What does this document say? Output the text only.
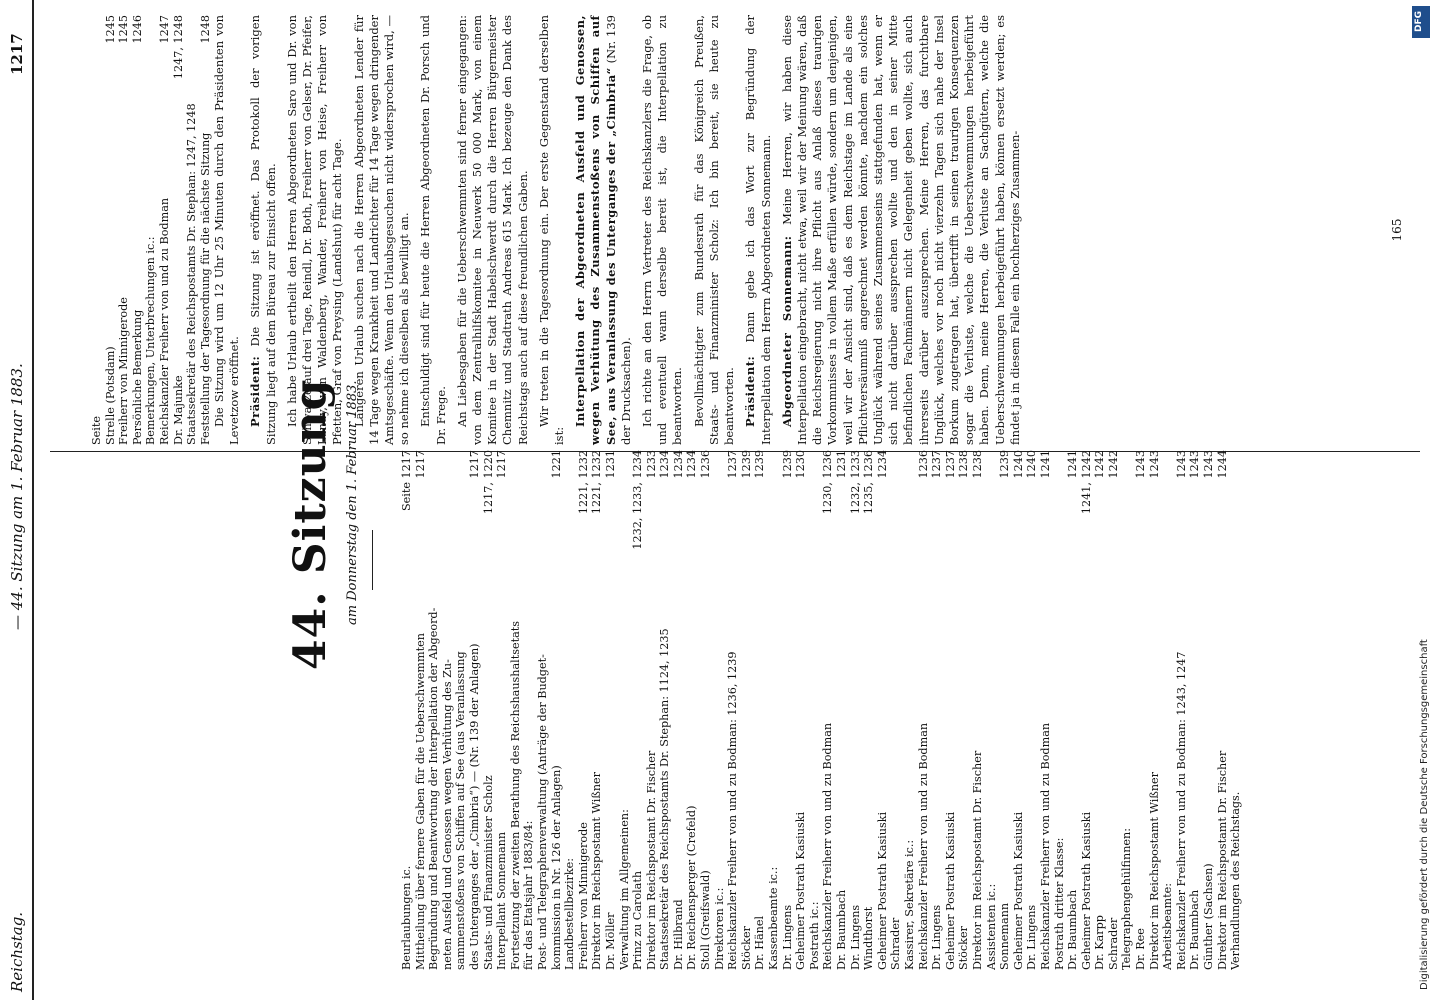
Reichstag.
— 44. Sitzung am 1. Februar 1883.
1217
44. Sitzung am Donnerstag den 1. Februar 1883.
Beurlaubungen ic.
Seite 1217
Mittheilung über fernere Gaben für die Ueberschwemmten
1217
Begründung und Beantwortung der Interpellation der Abgeord- neten Ausfeld und Genossen wegen Verhütung des Zu- sammenstoßens von Schiffen auf See (aus Veranlassung des Unterganges der „Cimbria“) — (Nr. 139 der Anlagen)
1217
Staats- und Finanzminister Scholz
1217, 1220
Interpellant Sonnemann
1217
Fortsetzung der zweiten Berathung des Reichshaushaltsetats für das Etatsjahr 1883/84: Post- und Telegraphenverwaltung (Anträge der Budget- kommission in Nr. 126 der Anlagen)
1221
Landbestellbezirke: Freiherr von Minnigerode
1221, 1232
Direktor im Reichspostamt Wißner
1221, 1232
Dr. Möller
1231
Verwaltung im Allgemeinen: Prinz zu Carolath
1232, 1233, 1234
Direktor im Reichspostamt Dr. Fischer
1233
Staatssekretär des Reichspostamts Dr. Stephan: 1124, 1235
1234
Dr. Hilbrand
1234
Dr. Reichensperger (Crefeld)
1234
Stoll (Greifswald)
1236
Direktoren ic.: Reichskanzler Freiherr von und zu Bodman: 1236, 1239
1237
Stöcker
1239
Dr. Hänel
1239
Kassenbeamte ic.: Dr. Lingens
1239
Geheimer Postrath Kasiuski
1230
Postrath ic.: Reichskanzler Freiherr von und zu Bodman
1230, 1236
Dr. Baumbach
1231
Dr. Lingens
1232, 1233
Windthorst
1235, 1236
Geheimer Postrath Kasiuski
1234
Schrader Kassirer, Sekretäre ic.: Reichskanzler Freiherr von und zu Bodman
1236
Dr. Lingens
1237
Geheimer Postrath Kasiuski
1237
Stöcker
1238
Direktor im Reichspostamt Dr. Fischer
1238
Assistenten ic.: Sonnemann
1239
Geheimer Postrath Kasiuski
1240
Dr. Lingens
1240
Reichskanzler Freiherr von und zu Bodman
1241
Postrath dritter Klasse: Dr. Baumbach
1241
Geheimer Postrath Kasiuski
1241, 1242
Dr. Karpp
1242
Schrader
1242
Telegraphengehülfinnen: Dr. Ree
1243
Direktor im Reichspostamt Wißner
1243
Arbeitsbeamte: Reichskanzler Freiherr von und zu Bodman: 1243, 1247
1243
Dr. Baumbach
1243
Günther (Sachsen)
1243
Direktor im Reichspostamt Dr. Fischer
1244
Verhandlungen des Reichstags.
Seite Strelle (Potsdam)
1245
Freiherr von Minnigerode
1245
Persönliche Bemerkung
1246
Bemerkungen, Unterbrechungen ic.: Reichskanzler Freiherr von und zu Bodman
1247
Dr. Majunke
1247, 1248
Staatssekretär des Reichspostamts Dr. Stephan: 1247, 1248 Feststellung der Tagesordnung für die nächste Sitzung
1248 Die Sitzung wird um 12 Uhr 25 Minuten durch den Präsidenten von Levetzow eröffnet. Präsident: Die Sitzung ist eröffnet. Das Protokoll der vorigen Sitzung liegt auf dem Büreau zur Einsicht offen. Ich habe Urlaub ertheilt den Herren Abgeordneten Saro und Dr. von Schwarze auf drei Tage, Reindl, Dr. Both, Freiherr von Gelser, Dr. Pfeifer, Landy, von Waldenberg, Wander, Freiherr von Heise, Freiherr von Pfetten, Graf von Preysing (Landshut) für acht Tage. Längeren Urlaub suchen nach die Herren Abgeordneten Lender für 14 Tage wegen Krankheit und Landrichter für 14 Tage wegen dringender Amtsgeschäfte. Wenn den Urlaubsgesuchen nicht widersprochen wird, — so nehme ich dieselben als bewilligt an. Entschuldigt sind für heute die Herren Abgeordneten Dr. Porsch und Dr. Frege. An Liebesgaben für die Ueberschwemmten sind ferner eingegangen: von dem Zentralhilfskomitee in Neuwerk 50 000 Mark, von einem Komitee in der Stadt Habelschwerdt durch die Herren Bürgermeister Chemnitz und Stadtrath Andreas 615 Mark. Ich bezeuge den Dank des Reichstags auch auf diese freundlichen Gaben. Wir treten in die Tagesordnung ein. Der erste Gegenstand derselben ist:

Interpellation der Abgeordneten Ausfeld und Genossen, wegen Verhütung des Zusammenstoßens von Schiffen auf See, aus Veranlassung des Unterganges der „Cimbria“ (Nr. 139 der Drucksachen). Ich richte an den Herrn Vertreter des Reichskanzlers die Frage, ob und eventuell wann derselbe bereit ist, die Interpellation zu beantworten. Bevollmächtigter zum Bundesrath für das Königreich Preußen, Staats- und Finanzminister Scholz: Ich bin bereit, sie heute zu beantworten. Präsident: Dann gebe ich das Wort zur Begründung der Interpellation dem Herrn Abgeordneten Sonnemann. Abgeordneter Sonnemann: Meine Herren, wir haben diese Interpellation eingebracht, nicht etwa, weil wir der Meinung wären, daß die Reichsregierung nicht ihre Pflicht aus Anlaß dieses traurigen Vorkommnisses in vollem Maße erfüllen würde, sondern um denjenigen, weil wir der Ansicht sind, daß es dem Reichstage im Lande als eine Pflichtversäumniß angerechnet werden könnte, nachdem ein solches Unglück während seines Zusammenseins stattgefunden hat, wenn er sich nicht darüber aussprechen wollte und den in seiner Mitte befindlichen Fachmännern nicht Gelegenheit geben wollte, sich auch ihrerseits darüber auszusprechen. Meine Herren, das furchtbare Unglück, welches vor noch nicht vierzehn Tagen sich nahe der Insel Borkum zugetragen hat, übertrifft in seinen traurigen Konsequenzen sogar die Verluste, welche die Ueberschwemmungen herbeigeführt haben. Denn, meine Herren, die Verluste an Sachgütern, welche die Ueberschwemmungen herbeigeführt haben, können ersetzt werden; es findet ja in diesem Falle ein hochherziges Zusammen-	165
DFG
Digitalisierung gefördert durch die Deutsche Forschungsgemeinschaft
